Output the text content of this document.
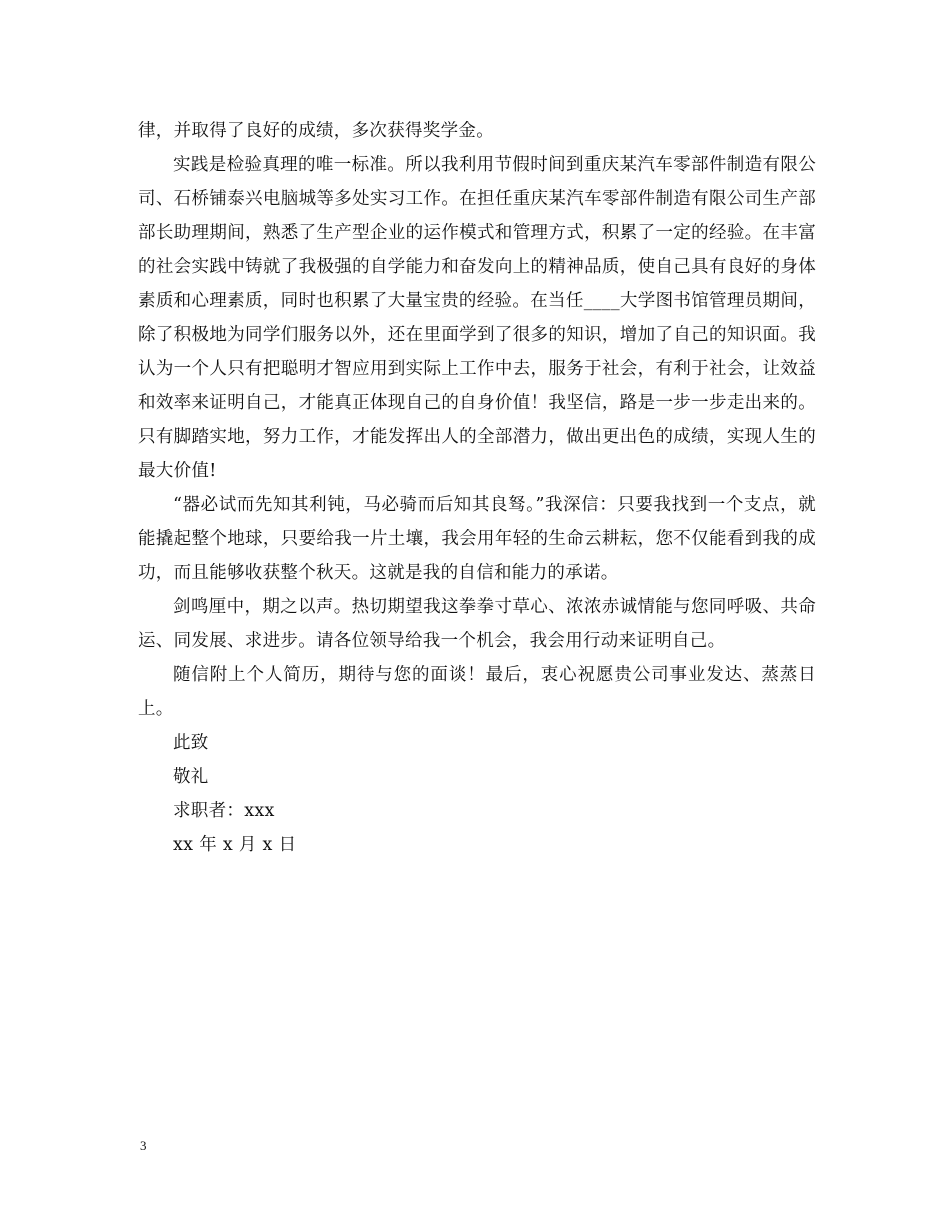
律，并取得了良好的成绩，多次获得奖学金。

实践是检验真理的唯一标准。所以我利用节假时间到重庆某汽车零部件制造有限公司、石桥铺泰兴电脑城等多处实习工作。在担任重庆某汽车零部件制造有限公司生产部部长助理期间，熟悉了生产型企业的运作模式和管理方式，积累了一定的经验。在丰富的社会实践中铸就了我极强的自学能力和奋发向上的精神品质，使自己具有良好的身体素质和心理素质，同时也积累了大量宝贵的经验。在当任____大学图书馆管理员期间，除了积极地为同学们服务以外，还在里面学到了很多的知识，增加了自己的知识面。我认为一个人只有把聪明才智应用到实际上工作中去，服务于社会，有利于社会，让效益和效率来证明自己，才能真正体现自己的自身价值！我坚信，路是一步一步走出来的。只有脚踏实地，努力工作，才能发挥出人的全部潜力，做出更出色的成绩，实现人生的最大价值!

“器必试而先知其利钝，马必骑而后知其良驽。”我深信：只要我找到一个支点，就能撬起整个地球，只要给我一片土壤，我会用年轻的生命云耕耘，您不仅能看到我的成功，而且能够收获整个秋天。这就是我的自信和能力的承诺。

剑鸣厘中，期之以声。热切期望我这拳拳寸草心、浓浓赤诚情能与您同呼吸、共命运、同发展、求进步。请各位领导给我一个机会，我会用行动来证明自己。

随信附上个人简历，期待与您的面谈！最后，衷心祝愿贵公司事业发达、蒸蒸日上。

此致

敬礼

求职者：xxx

xx 年 x 月 x 日

3
